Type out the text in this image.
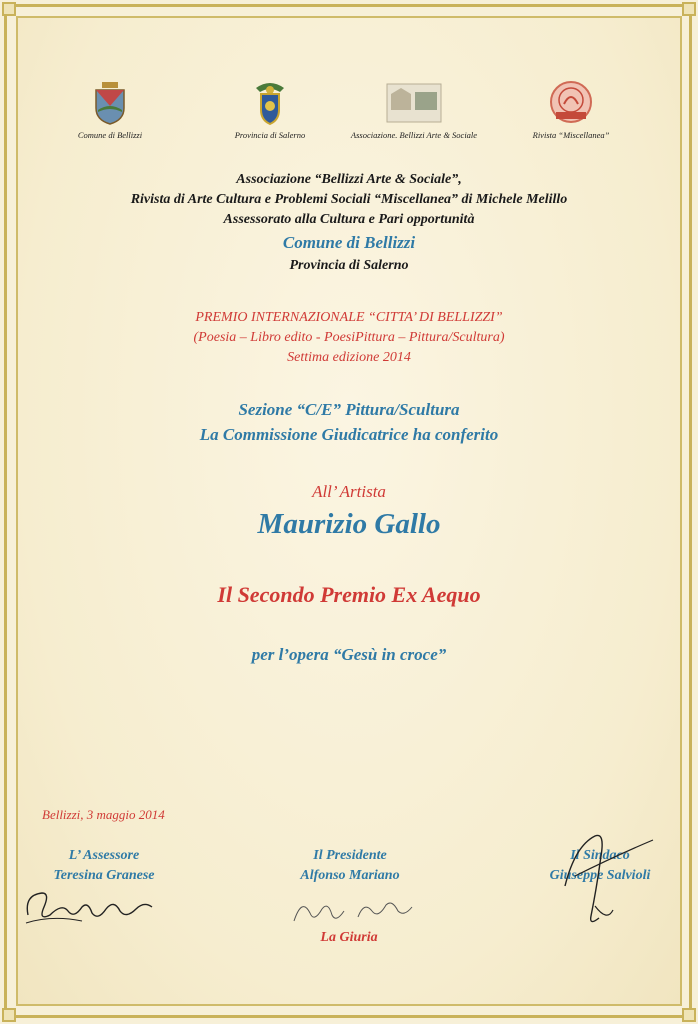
Comune di Bellizzi	Provincia di Salerno	Associazione. Bellizzi Arte & Sociale	Rivista “Miscellanea”
Associazione “Bellizzi Arte & Sociale”,
Rivista di Arte Cultura e Problemi Sociali “Miscellanea” di Michele Melillo
Assessorato alla Cultura e Pari opportunità
Comune di Bellizzi
Provincia di Salerno
PREMIO INTERNAZIONALE “CITTA’ DI BELLIZZI”
(Poesia – Libro edito - PoesiPittura – Pittura/Scultura)
Settima edizione 2014
Sezione “C/E” Pittura/Scultura
La Commissione Giudicatrice ha conferito
All’ Artista
Maurizio Gallo
Il Secondo Premio Ex Aequo
per l’opera “Gesù in croce”
Bellizzi, 3 maggio 2014
L’ Assessore
Teresina Granese
Il Presidente
Alfonso Mariano
La Giuria
Il Sindaco
Giuseppe Salvioli
